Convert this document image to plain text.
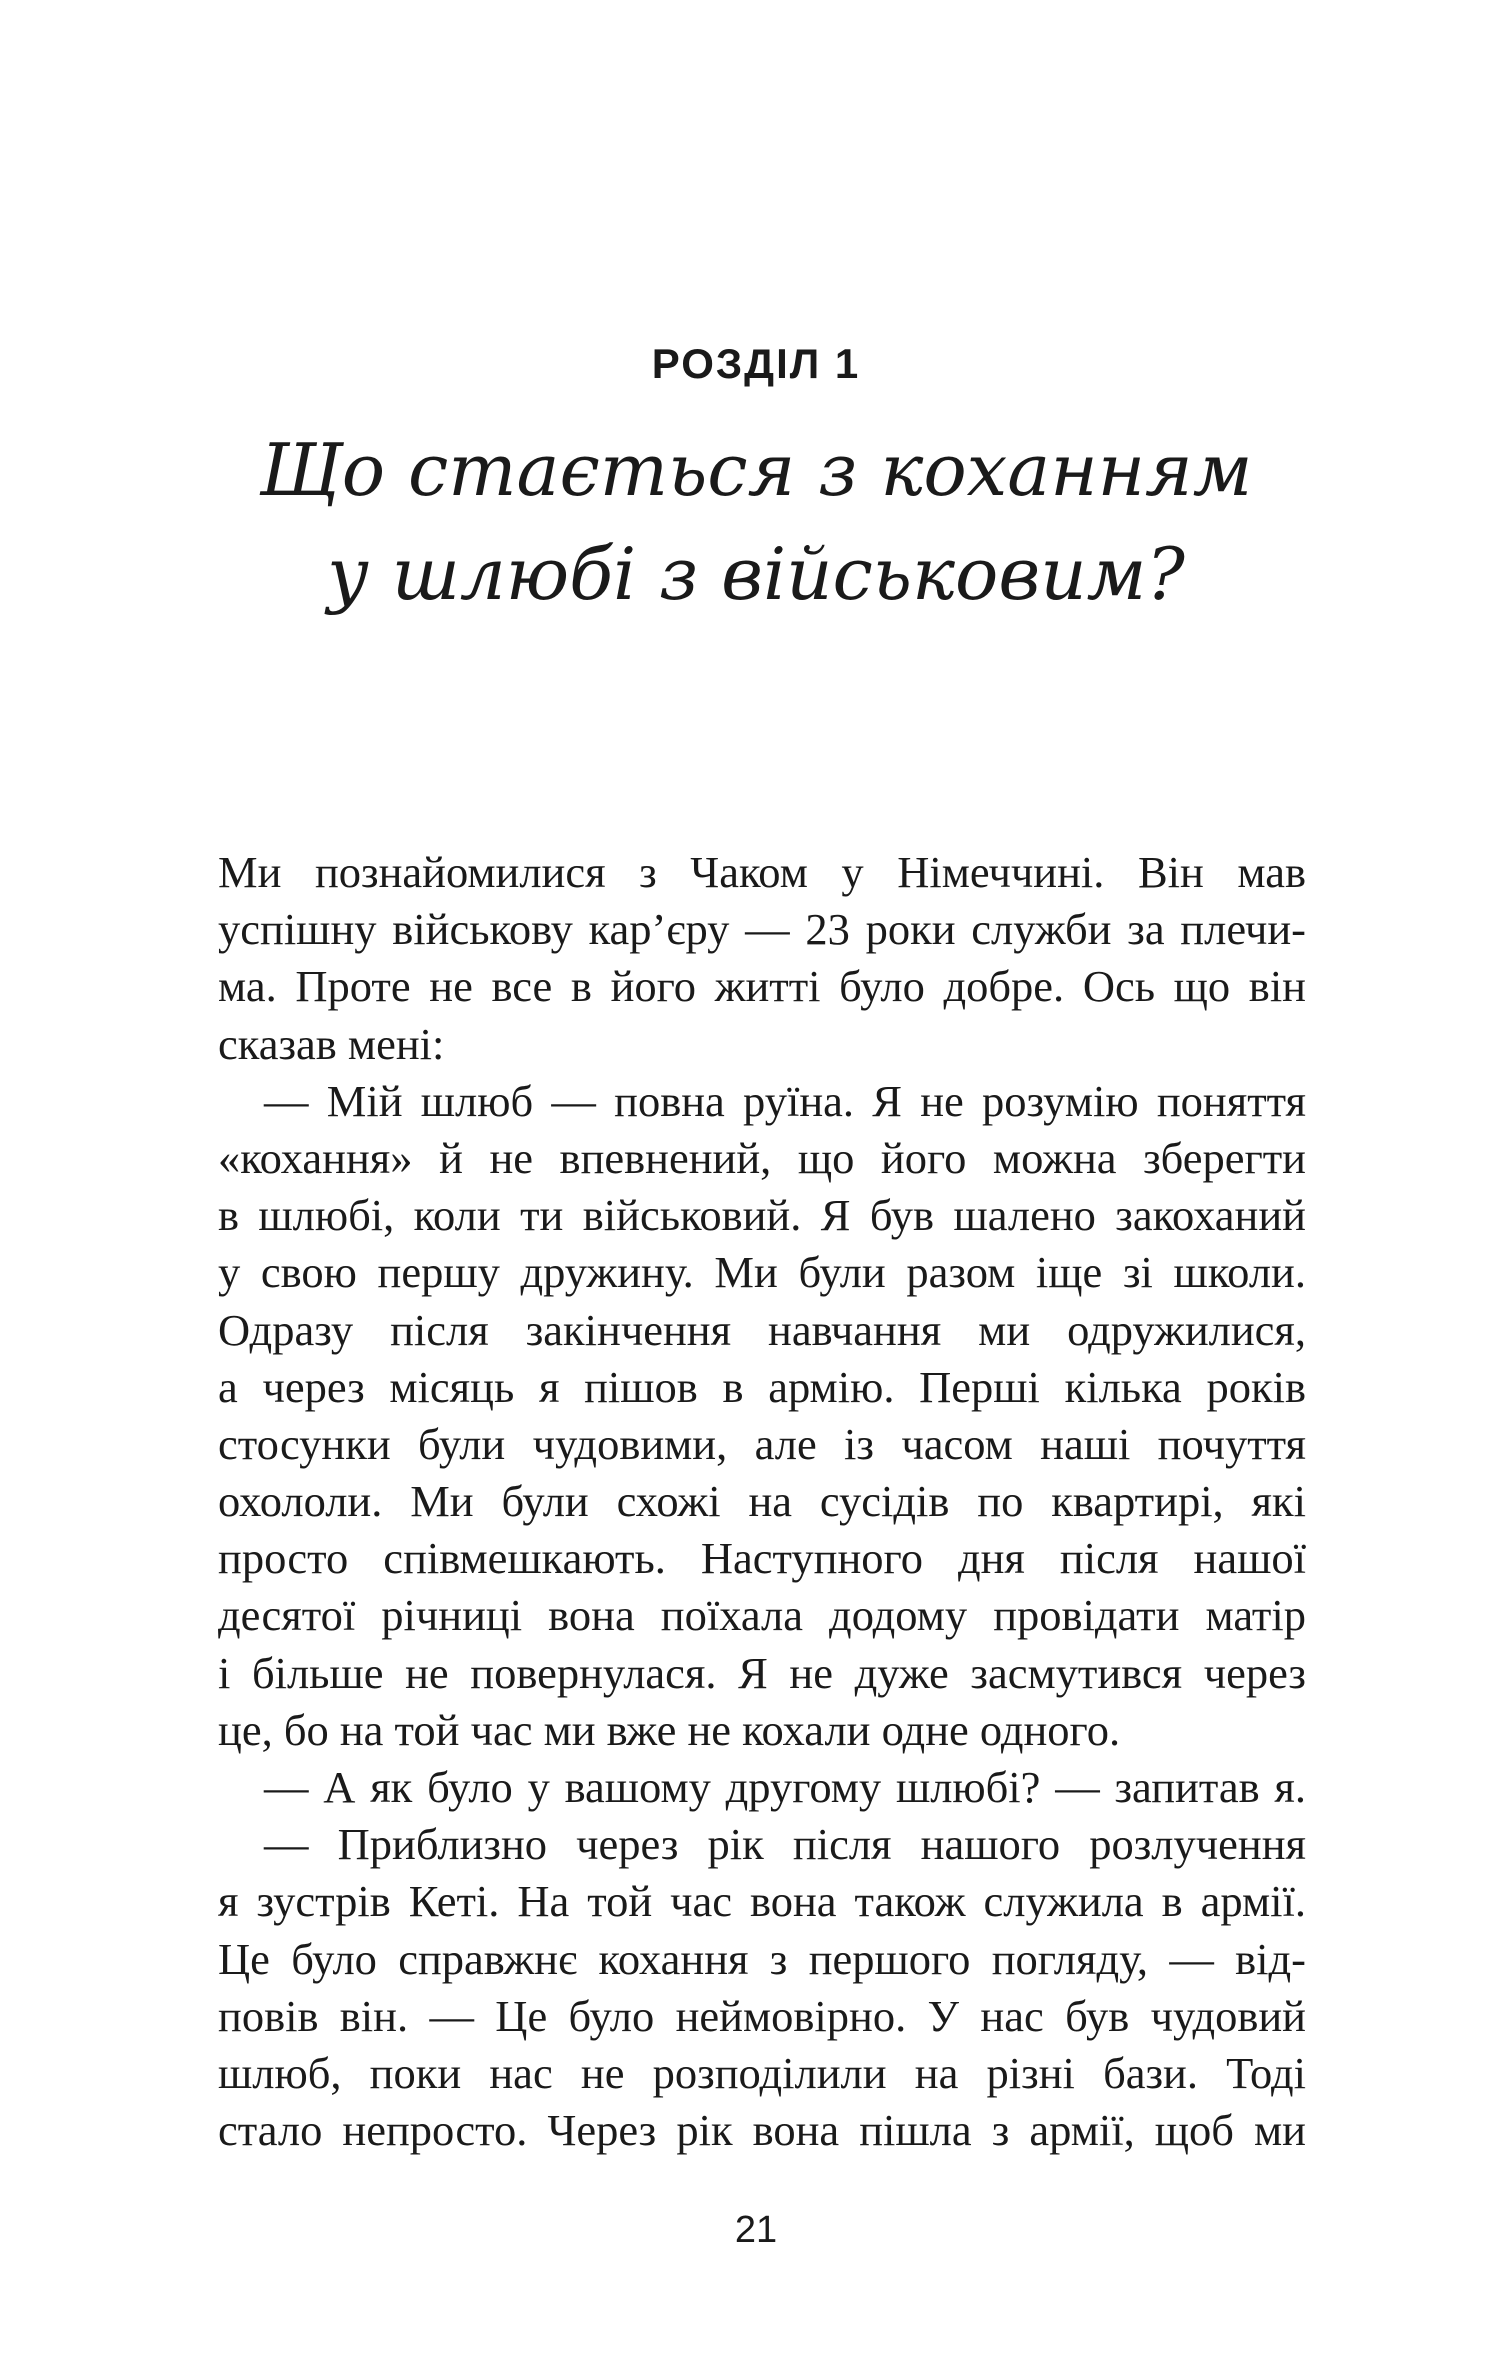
РОЗДІЛ 1
Що стається з коханням
у шлюбі з військовим?
Ми познайомилися з Чаком у Німеччині. Він мав
успішну військову кар’єру — 23 роки служби за плечи-
ма. Проте не все в його житті було добре. Ось що він
сказав мені:
— Мій шлюб — повна руїна. Я не розумію поняття
«кохання» й не впевнений, що його можна зберегти
в шлюбі, коли ти військовий. Я був шалено закоханий
у свою першу дружину. Ми були разом іще зі школи.
Одразу після закінчення навчання ми одружилися,
а через місяць я пішов в армію. Перші кілька років
стосунки були чудовими, але із часом наші почуття
охололи. Ми були схожі на сусідів по квартирі, які
просто співмешкають. Наступного дня після нашої
десятої річниці вона поїхала додому провідати матір
і більше не повернулася. Я не дуже засмутився через
це, бо на той час ми вже не кохали одне одного.
— А як було у вашому другому шлюбі? — запитав я.
— Приблизно через рік після нашого розлучення
я зустрів Кеті. На той час вона також служила в армії.
Це було справжнє кохання з першого погляду, — від-
повів він. — Це було неймовірно. У нас був чудовий
шлюб, поки нас не розподілили на різні бази. Тоді
стало непросто. Через рік вона пішла з армії, щоб ми
21
